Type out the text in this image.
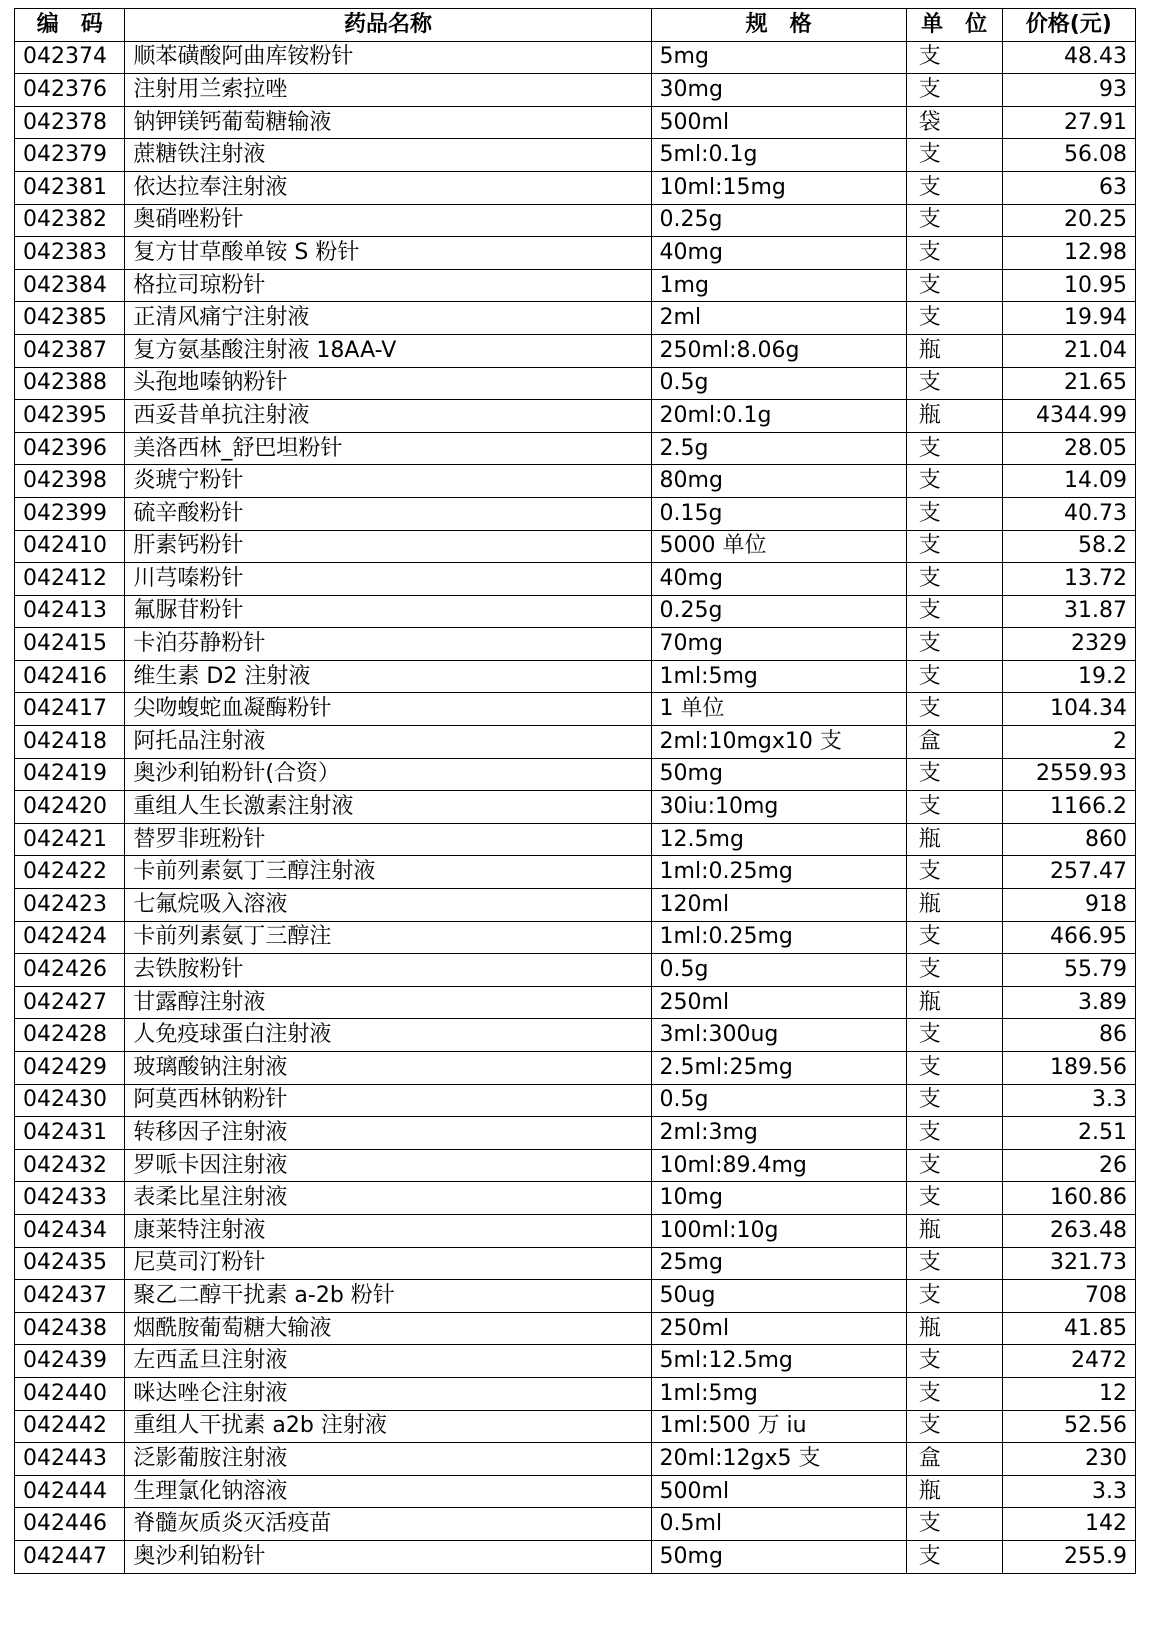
编　码	药品名称	规　格	单　位	价格(元)
042374	顺苯磺酸阿曲库铵粉针	5mg	支	48.43
042376	注射用兰索拉唑	30mg	支	93
042378	钠钾镁钙葡萄糖输液	500ml	袋	27.91
042379	蔗糖铁注射液	5ml:0.1g	支	56.08
042381	依达拉奉注射液	10ml:15mg	支	63
042382	奥硝唑粉针	0.25g	支	20.25
042383	复方甘草酸单铵 S 粉针	40mg	支	12.98
042384	格拉司琼粉针	1mg	支	10.95
042385	正清风痛宁注射液	2ml	支	19.94
042387	复方氨基酸注射液 18AA-V	250ml:8.06g	瓶	21.04
042388	头孢地嗪钠粉针	0.5g	支	21.65
042395	西妥昔单抗注射液	20ml:0.1g	瓶	4344.99
042396	美洛西林_舒巴坦粉针	2.5g	支	28.05
042398	炎琥宁粉针	80mg	支	14.09
042399	硫辛酸粉针	0.15g	支	40.73
042410	肝素钙粉针	5000 单位	支	58.2
042412	川芎嗪粉针	40mg	支	13.72
042413	氟脲苷粉针	0.25g	支	31.87
042415	卡泊芬静粉针	70mg	支	2329
042416	维生素 D2 注射液	1ml:5mg	支	19.2
042417	尖吻蝮蛇血凝酶粉针	1 单位	支	104.34
042418	阿托品注射液	2ml:10mgx10 支	盒	2
042419	奥沙利铂粉针(合资）	50mg	支	2559.93
042420	重组人生长激素注射液	30iu:10mg	支	1166.2
042421	替罗非班粉针	12.5mg	瓶	860
042422	卡前列素氨丁三醇注射液	1ml:0.25mg	支	257.47
042423	七氟烷吸入溶液	120ml	瓶	918
042424	卡前列素氨丁三醇注	1ml:0.25mg	支	466.95
042426	去铁胺粉针	0.5g	支	55.79
042427	甘露醇注射液	250ml	瓶	3.89
042428	人免疫球蛋白注射液	3ml:300ug	支	86
042429	玻璃酸钠注射液	2.5ml:25mg	支	189.56
042430	阿莫西林钠粉针	0.5g	支	3.3
042431	转移因子注射液	2ml:3mg	支	2.51
042432	罗哌卡因注射液	10ml:89.4mg	支	26
042433	表柔比星注射液	10mg	支	160.86
042434	康莱特注射液	100ml:10g	瓶	263.48
042435	尼莫司汀粉针	25mg	支	321.73
042437	聚乙二醇干扰素 a-2b 粉针	50ug	支	708
042438	烟酰胺葡萄糖大输液	250ml	瓶	41.85
042439	左西孟旦注射液	5ml:12.5mg	支	2472
042440	咪达唑仑注射液	1ml:5mg	支	12
042442	重组人干扰素 a2b 注射液	1ml:500 万 iu	支	52.56
042443	泛影葡胺注射液	20ml:12gx5 支	盒	230
042444	生理氯化钠溶液	500ml	瓶	3.3
042446	脊髓灰质炎灭活疫苗	0.5ml	支	142
042447	奥沙利铂粉针	50mg	支	255.9
